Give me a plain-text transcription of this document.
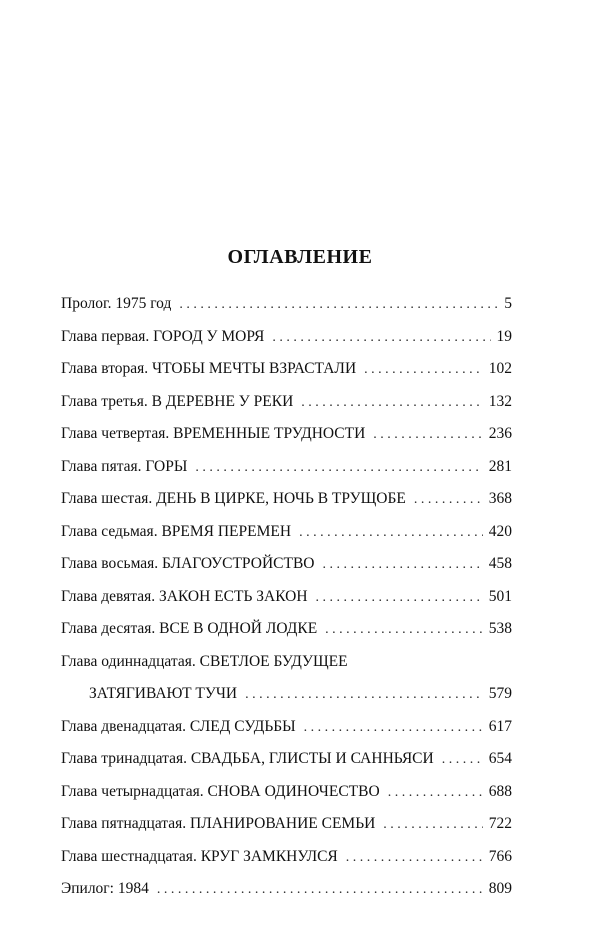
ОГЛАВЛЕНИЕ
Пролог. 1975 год . . .	5
Глава первая. ГОРОД У МОРЯ . . .	19
Глава вторая. ЧТОБЫ МЕЧТЫ ВЗРАСТАЛИ . . .	102
Глава третья. В ДЕРЕВНЕ У РЕКИ . . .	132
Глава четвертая. ВРЕМЕННЫЕ ТРУДНОСТИ . . .	236
Глава пятая. ГОРЫ . . .	281
Глава шестая. ДЕНЬ В ЦИРКЕ, НОЧЬ В ТРУЩОБЕ . . .	368
Глава седьмая. ВРЕМЯ ПЕРЕМЕН . . .	420
Глава восьмая. БЛАГОУСТРОЙСТВО . . .	458
Глава девятая. ЗАКОН ЕСТЬ ЗАКОН . . .	501
Глава десятая. ВСЕ В ОДНОЙ ЛОДКЕ . . .	538
Глава одиннадцатая. СВЕТЛОЕ БУДУЩЕЕ
ЗАТЯГИВАЮТ ТУЧИ . . .	579
Глава двенадцатая. СЛЕД СУДЬБЫ . . .	617
Глава тринадцатая. СВАДЬБА, ГЛИСТЫ И САННЬЯСИ . . .	654
Глава четырнадцатая. СНОВА ОДИНОЧЕСТВО . . .	688
Глава пятнадцатая. ПЛАНИРОВАНИЕ СЕМЬИ . . .	722
Глава шестнадцатая. КРУГ ЗАМКНУЛСЯ . . .	766
Эпилог: 1984 . . .	809
